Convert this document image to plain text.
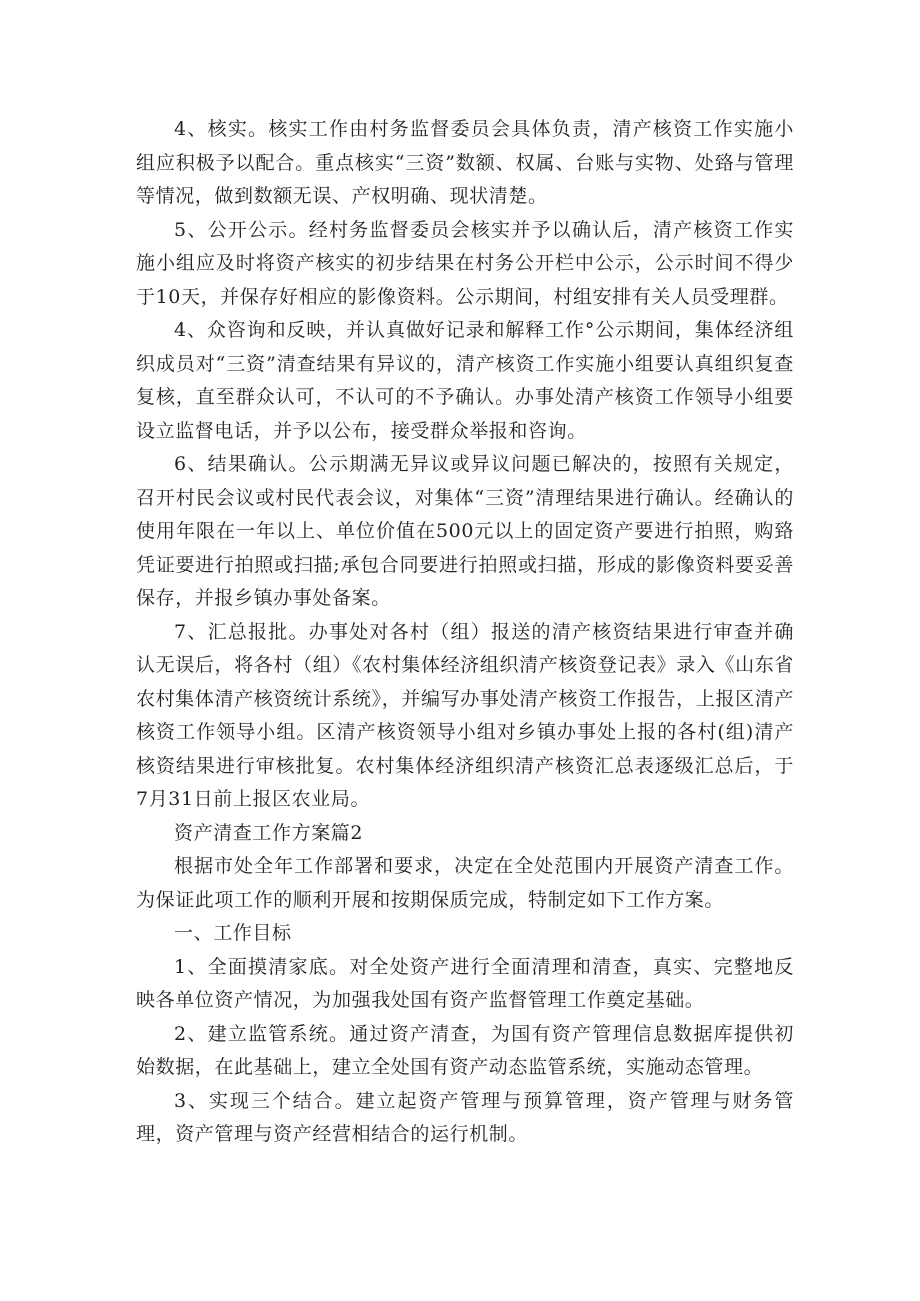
4、核实。核实工作由村务监督委员会具体负责，清产核资工作实施小组应积极予以配合。重点核实“三资”数额、权属、台账与实物、处臵与管理等情况，做到数额无误、产权明确、现状清楚。

5、公开公示。经村务监督委员会核实并予以确认后，清产核资工作实施小组应及时将资产核实的初步结果在村务公开栏中公示，公示时间不得少于10天，并保存好相应的影像资料。公示期间，村组安排有关人员受理群。

4、众咨询和反映，并认真做好记录和解释工作°公示期间，集体经济组织成员对“三资”清查结果有异议的，清产核资工作实施小组要认真组织复查复核，直至群众认可，不认可的不予确认。办事处清产核资工作领导小组要设立监督电话，并予以公布，接受群众举报和咨询。

6、结果确认。公示期满无异议或异议问题已解决的，按照有关规定，召开村民会议或村民代表会议，对集体“三资”清理结果进行确认。经确认的使用年限在一年以上、单位价值在500元以上的固定资产要进行拍照，购臵凭证要进行拍照或扫描;承包合同要进行拍照或扫描，形成的影像资料要妥善保存，并报乡镇办事处备案。

7、汇总报批。办事处对各村（组）报送的清产核资结果进行审查并确认无误后，将各村（组）《农村集体经济组织清产核资登记表》录入《山东省农村集体清产核资统计系统》，并编写办事处清产核资工作报告，上报区清产核资工作领导小组。区清产核资领导小组对乡镇办事处上报的各村(组)清产核资结果进行审核批复。农村集体经济组织清产核资汇总表逐级汇总后，于7月31日前上报区农业局。

资产清查工作方案篇2

根据市处全年工作部署和要求，决定在全处范围内开展资产清查工作。为保证此项工作的顺利开展和按期保质完成，特制定如下工作方案。

一、工作目标

1、全面摸清家底。对全处资产进行全面清理和清查，真实、完整地反映各单位资产情况，为加强我处国有资产监督管理工作奠定基础。

2、建立监管系统。通过资产清查，为国有资产管理信息数据库提供初始数据，在此基础上，建立全处国有资产动态监管系统，实施动态管理。

3、实现三个结合。建立起资产管理与预算管理，资产管理与财务管理，资产管理与资产经营相结合的运行机制。
